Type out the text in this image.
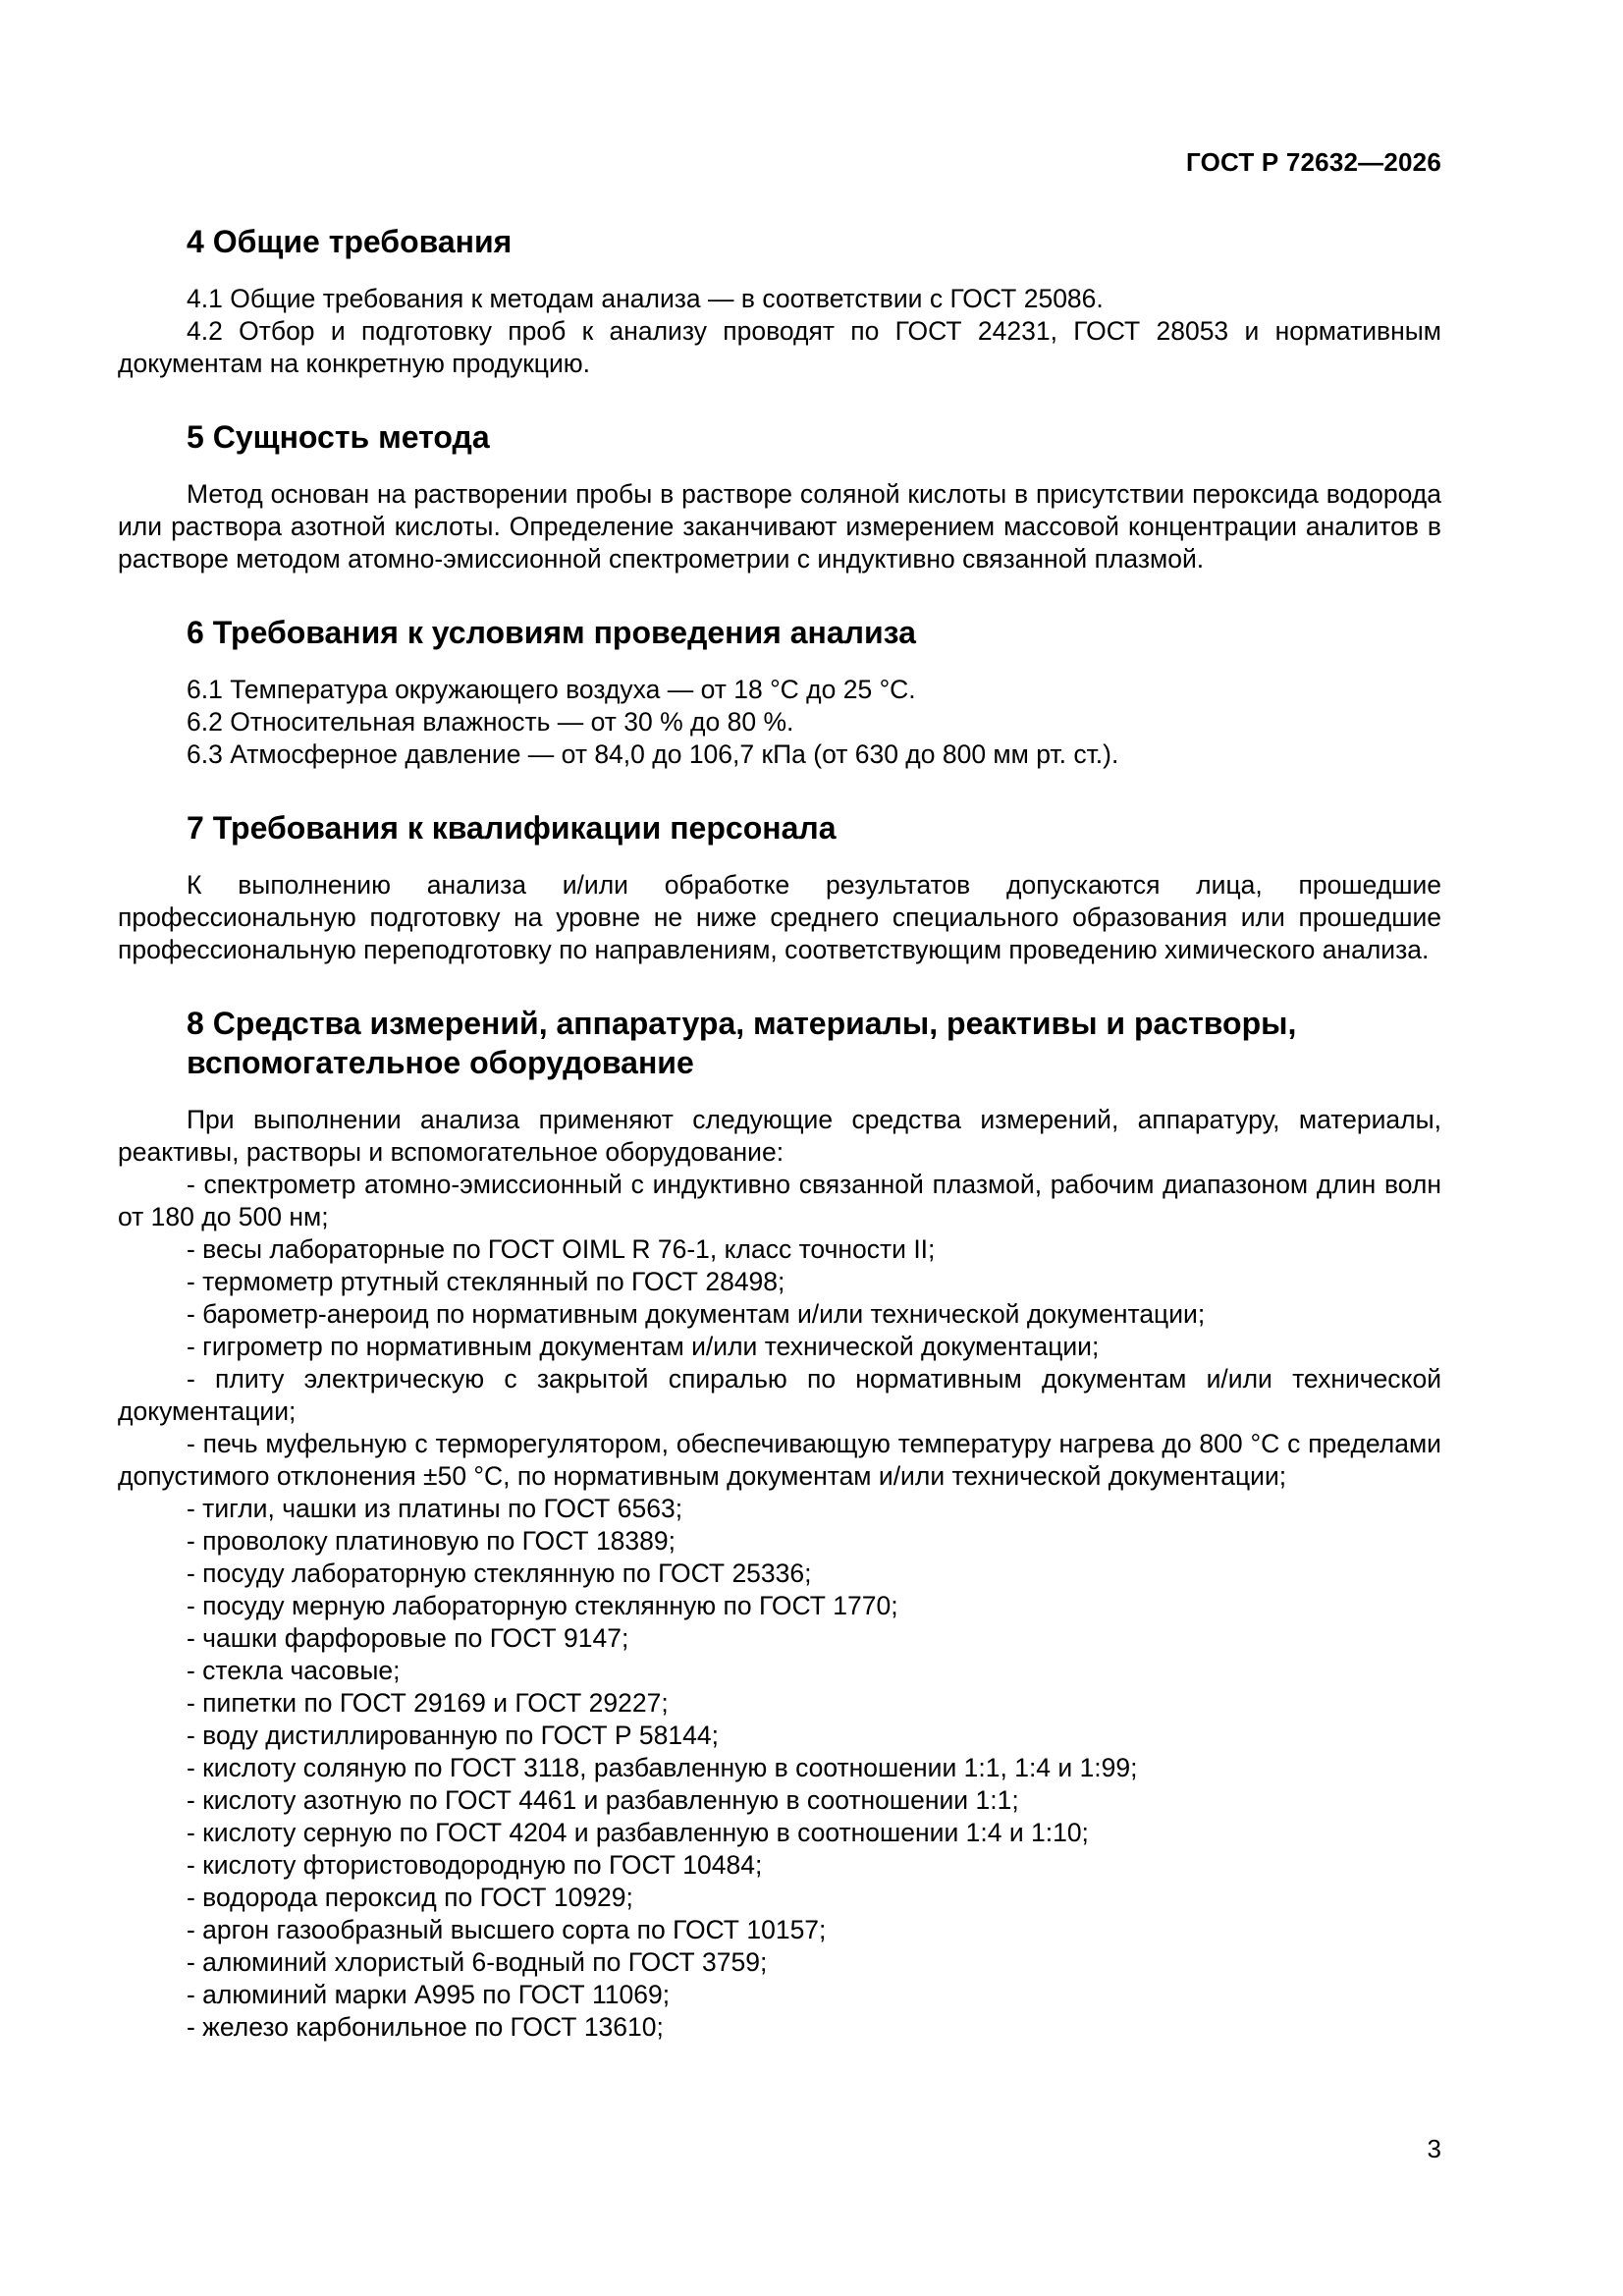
ГОСТ Р 72632—2026
4 Общие требования

4.1 Общие требования к методам анализа — в соответствии с ГОСТ 25086.

4.2 Отбор и подготовку проб к анализу проводят по ГОСТ 24231, ГОСТ 28053 и нормативным документам на конкретную продукцию.

5 Сущность метода

Метод основан на растворении пробы в растворе соляной кислоты в присутствии пероксида водорода или раствора азотной кислоты. Определение заканчивают измерением массовой концентрации аналитов в растворе методом атомно-эмиссионной спектрометрии с индуктивно связанной плазмой.

6 Требования к условиям проведения анализа

6.1 Температура окружающего воздуха — от 18 °С до 25 °С.

6.2 Относительная влажность — от 30 % до 80 %.

6.3 Атмосферное давление — от 84,0 до 106,7 кПа (от 630 до 800 мм рт. ст.).

7 Требования к квалификации персонала

К выполнению анализа и/или обработке результатов допускаются лица, прошедшие профессиональную подготовку на уровне не ниже среднего специального образования или прошедшие профессиональную переподготовку по направлениям, соответствующим проведению химического анализа.

8 Средства измерений, аппаратура, материалы, реактивы и растворы,
вспомогательное оборудование

При выполнении анализа применяют следующие средства измерений, аппаратуру, материалы, реактивы, растворы и вспомогательное оборудование:

- спектрометр атомно-эмиссионный с индуктивно связанной плазмой, рабочим диапазоном длин волн от 180 до 500 нм;

- весы лабораторные по ГОСТ OIML R 76-1, класс точности II;

- термометр ртутный стеклянный по ГОСТ 28498;

- барометр-анероид по нормативным документам и/или технической документации;

- гигрометр по нормативным документам и/или технической документации;

- плиту электрическую с закрытой спиралью по нормативным документам и/или технической документации;

- печь муфельную с терморегулятором, обеспечивающую температуру нагрева до 800 °С с пределами допустимого отклонения ±50 °С, по нормативным документам и/или технической документации;

- тигли, чашки из платины по ГОСТ 6563;

- проволоку платиновую по ГОСТ 18389;

- посуду лабораторную стеклянную по ГОСТ 25336;

- посуду мерную лабораторную стеклянную по ГОСТ 1770;

- чашки фарфоровые по ГОСТ 9147;

- стекла часовые;

- пипетки по ГОСТ 29169 и ГОСТ 29227;

- воду дистиллированную по ГОСТ Р 58144;

- кислоту соляную по ГОСТ 3118, разбавленную в соотношении 1:1, 1:4 и 1:99;

- кислоту азотную по ГОСТ 4461 и разбавленную в соотношении 1:1;

- кислоту серную по ГОСТ 4204 и разбавленную в соотношении 1:4 и 1:10;

- кислоту фтористоводородную по ГОСТ 10484;

- водорода пероксид по ГОСТ 10929;

- аргон газообразный высшего сорта по ГОСТ 10157;

- алюминий хлористый 6-водный по ГОСТ 3759;

- алюминий марки А995 по ГОСТ 11069;

- железо карбонильное по ГОСТ 13610;

3
